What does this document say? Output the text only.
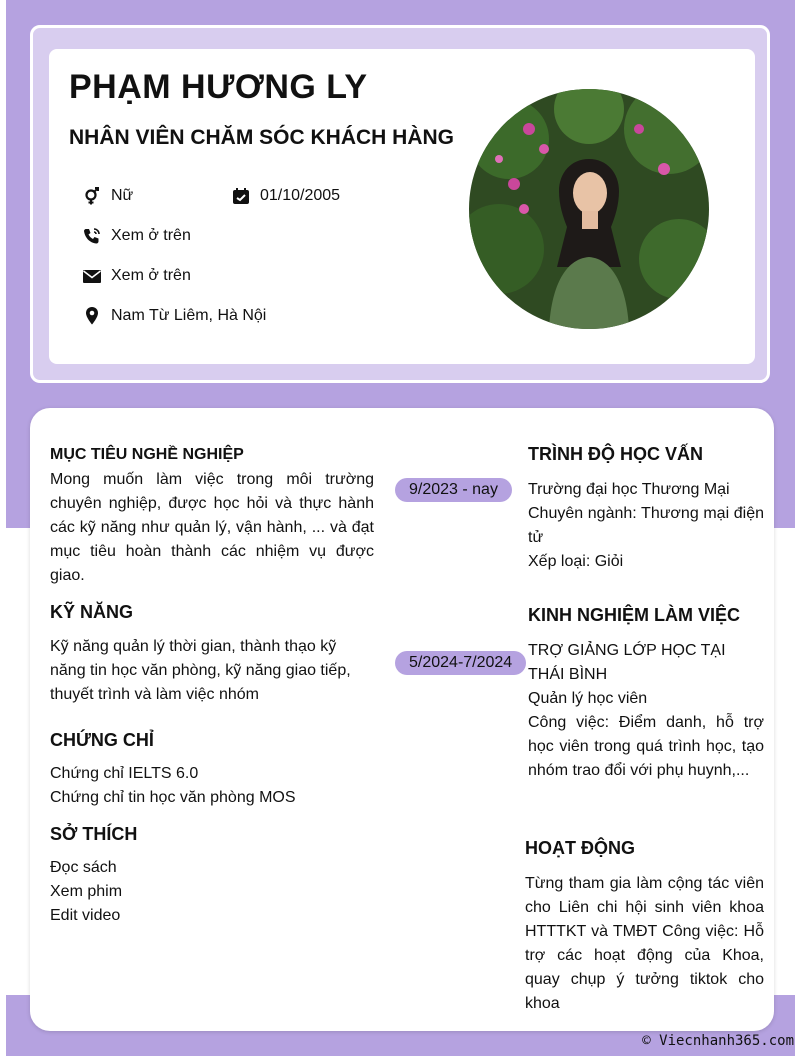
PHẠM HƯƠNG LY
NHÂN VIÊN CHĂM SÓC KHÁCH HÀNG
Nữ	01/10/2005
Xem ở trên
Xem ở trên
Nam Từ Liêm, Hà Nội
MỤC TIÊU NGHỀ NGHIỆP

Mong muốn làm việc trong môi trường chuyên nghiệp, được học hỏi và thực hành các kỹ năng như quản lý, vận hành, ... và đạt mục tiêu hoàn thành các nhiệm vụ được giao.

KỸ NĂNG

Kỹ năng quản lý thời gian, thành thạo kỹ năng tin học văn phòng, kỹ năng giao tiếp, thuyết trình và làm việc nhóm

CHỨNG CHỈ
Chứng chỉ IELTS 6.0
Chứng chỉ tin học văn phòng MOS
SỞ THÍCH
Đọc sách
Xem phim
Edit video
9/2023 - nay
TRÌNH ĐỘ HỌC VẤN
Trường đại học Thương Mại
Chuyên ngành: Thương mại điện tử
Xếp loại: Giỏi
5/2024-7/2024
KINH NGHIỆM LÀM VIỆC
TRỢ GIẢNG LỚP HỌC TẠI THÁI BÌNH
Quản lý học viên
Công việc: Điểm danh, hỗ trợ học viên trong quá trình học, tạo nhóm trao đổi với phụ huynh,...
HOẠT ĐỘNG

Từng tham gia làm cộng tác viên cho Liên chi hội sinh viên khoa HTTTKT và TMĐT Công việc: Hỗ trợ các hoạt động của Khoa, quay chụp ý tưởng tiktok cho khoa

© Viecnhanh365.com
